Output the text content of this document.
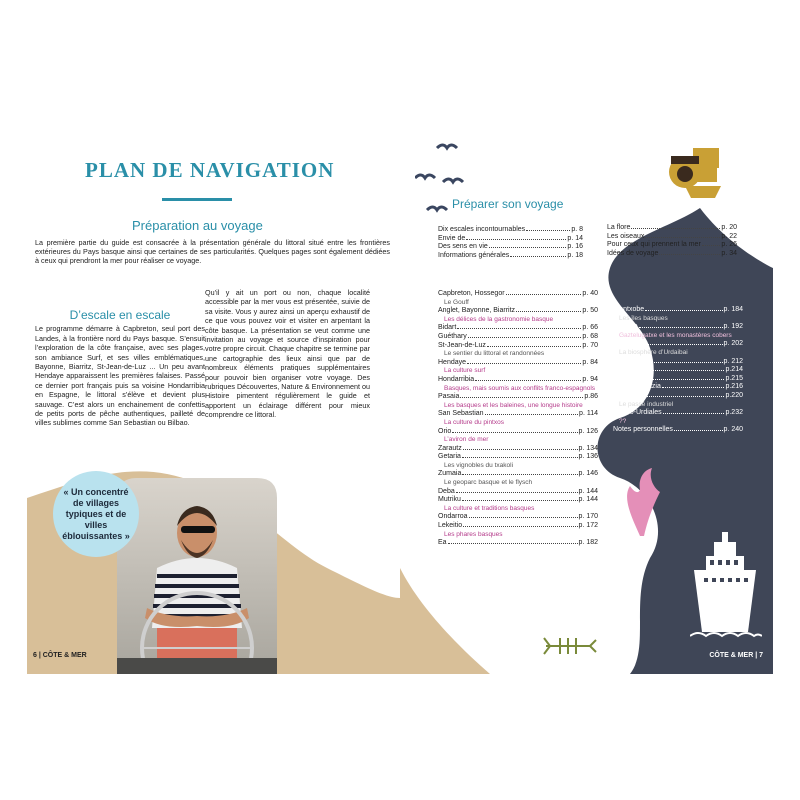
PLAN DE NAVIGATION
Préparation au voyage
La première partie du guide est consacrée à la présentation générale du littoral situé entre les frontières extérieures du Pays basque ainsi que certaines de ses particularités. Quelques pages sont également dédiées à ceux qui prendront la mer pour réaliser ce voyage.
D’escale en escale
Le programme démarre à Capbreton, seul port des Landes, à la frontière nord du Pays basque. S’ensuit l’exploration de la côte française, avec ses plages, son ambiance Surf, et ses villes emblématiques, Bayonne, Biarritz, St-Jean-de-Luz ... Un peu avant Hendaye apparaissent les premières falaises. Passé ce dernier port français puis sa voisine Hondarribia en Espagne, le littoral s’élève et devient plus sauvage. C’est alors un enchainement de confettis de petits ports de pêche authentiques, pailleté de villes sublimes comme San Sebastian ou Bilbao.
Qu’il y ait un port ou non, chaque localité accessible par la mer vous est présentée, suivie de sa visite. Vous y aurez ainsi un aperçu exhaustif de ce que vous pouvez voir et visiter en arpentant la côte basque. La présentation se veut comme une invitation au voyage et source d’inspiration pour votre propre circuit. Chaque chapitre se termine par une cartographie des lieux ainsi que par de nombreux éléments pratiques supplémentaires pour pouvoir bien organiser votre voyage. Des rubriques Découvertes, Nature & Environnement ou Histoire pimentent régulièrement le guide et apportent un éclairage différent pour mieux comprendre ce littoral.
« Un concentré de villages typiques et de villes éblouissantes »
6 | CÔTE & MER
Préparer son voyage
Dix escales incontournables	p. 8
Envie de	p. 14
Des sens en vie	p. 16
Informations générales	p. 18
La flore	p. 20
Les oiseaux	p. 22
Pour ceux qui prennent la mer	p. 26
Idées de voyage	p. 34
Capbreton, Hossegor	p. 40
Le Gouff
Anglet, Bayonne, Biarritz	p. 50
Les délices de la gastronomie basque
Bidart	p. 66
Guéthary	p. 68
St-Jean-de-Luz	p. 70
Le sentier du littoral et randonnées
Hendaye	p. 84
La culture surf
Hondarribia	p. 94
Basques, mais soumis aux conflits franco-espagnols
Pasaia	p.86
Les basques et les baleines, une longue histoire
San Sebastian	p. 114
La culture du pintxos
Orio	p. 126
L’aviron de mer
Zarautz	p. 134
Getaria	p. 136
Les vignobles du txakoli
Zumaia	p. 146
Le geoparc basque et le flysch
Deba	p. 144
Mutriku	p. 144
La culture et traditions basques
Ondarroa	p. 170
Lekeitio	p. 172
Les phares basques
Ea	p. 182
Elantxobe	p. 184
Les îles basques
Bermeo	p. 192
Gaztelugatxe et les monastères cobers
Mundaka	p. 202
La biosphère d’Urdaibai
Gernika	p. 212
Baquio	p.214
Armintza	p.215
Gorliz&Plentzia	p.216
Bilbao	p.220
Le passé industriel
Castro-Urdiales	p.232
??
Notes personnelles	p. 240
CÔTE & MER | 7
